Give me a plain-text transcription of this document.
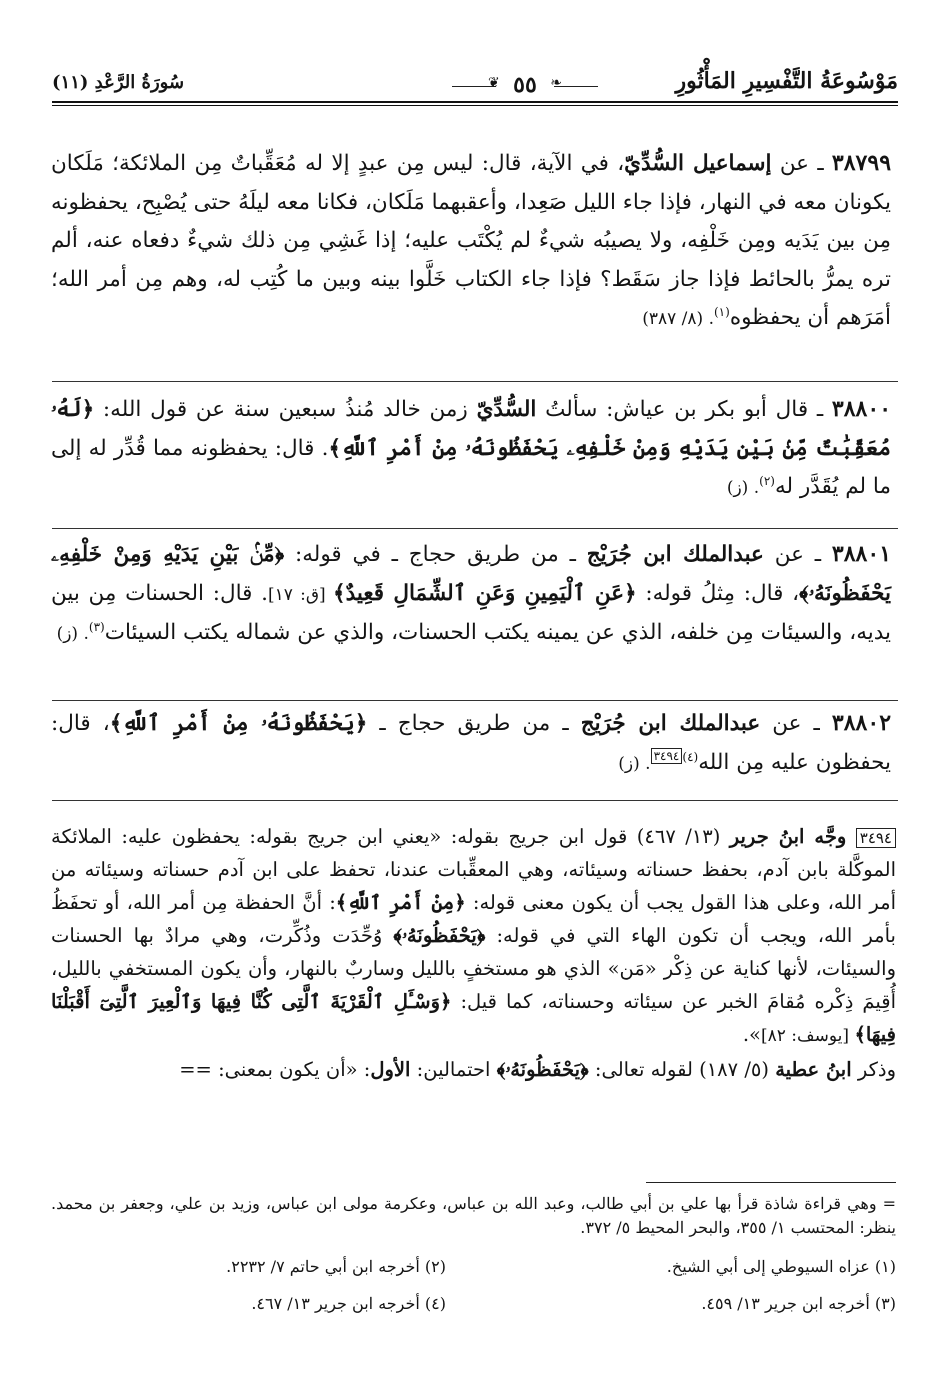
مَوْسُوعَةُ التَّفْسِيرِ المَأْثُورِ
❦ ٥٥ ❧
سُورَةُ الرَّعْدِ (١١)
٣٨٧٩٩ ـ عن إسماعيل السُّدِّيّ، في الآية، قال: ليس مِن عبدٍ إلا له مُعَقِّباتٌ مِن الملائكة؛ مَلَكان يكونان معه في النهار، فإذا جاء الليل صَعِدا، وأعقبهما مَلَكان، فكانا معه ليلَهُ حتى يُصْبِح، يحفظونه مِن بين يَدَيه ومِن خَلْفِه، ولا يصيبُه شيءٌ لم يُكْتَب عليه؛ إذا غَشِي مِن ذلك شيءٌ دفعاه عنه، ألم تره يمرُّ بالحائط فإذا جاز سَقَط؟ فإذا جاء الكتاب خَلَّوا بينه وبين ما كُتِب له، وهم مِن أمر الله؛ أمَرَهم أن يحفظوه$^{(١)}$. (٨/ ٣٨٧)
٣٨٨٠٠ ـ قال أبو بكر بن عياش: سألتُ السُّدِّيّ زمن خالد مُنذُ سبعين سنة عن قول الله: ﴿لَهُۥ مُعَقِّبَٰتٌ مِّنۢ بَيْنِ يَدَيْهِ وَمِنْ خَلْفِهِۦ يَحْفَظُونَهُۥ مِنْ أَمْرِ ٱللَّهِ﴾. قال: يحفظونه مما قُدِّر له إلى ما لم يُقَدَّر له$^{(٢)}$. (ز)
٣٨٨٠١ ـ عن عبدالملك ابن جُرَيْج ـ من طريق حجاج ـ في قوله: ﴿مِّنۢ بَيْنِ يَدَيْهِ وَمِنْ خَلْفِهِۦ يَحْفَظُونَهُۥ﴾، قال: مِثلُ قوله: ﴿عَنِ ٱلْيَمِينِ وَعَنِ ٱلشِّمَالِ قَعِيدٌ﴾ [ق: ١٧]. قال: الحسنات مِن بين يديه، والسيئات مِن خلفه، الذي عن يمينه يكتب الحسنات، والذي عن شماله يكتب السيئات$^{(٣)}$. (ز)
٣٨٨٠٢ ـ عن عبدالملك ابن جُرَيْج ـ من طريق حجاج ـ ﴿يَحْفَظُونَهُۥ مِنْ أَمْرِ ٱللَّهِ﴾، قال: يحفظون عليه مِن الله$^{(٤)}$٣٤٩٤. (ز)
٣٤٩٤ وجَّه ابنُ جرير (١٣/ ٤٦٧) قول ابن جريج بقوله: «يعني ابن جريج بقوله: يحفظون عليه: الملائكة الموكَّلة بابن آدم، بحفظ حسناته وسيئاته، وهي المعقِّبات عندنا، تحفظ على ابن آدم حسناته وسيئاته من أمر الله، وعلى هذا القول يجب أن يكون معنى قوله: ﴿مِنْ أَمْرِ ٱللَّهِ﴾: أنَّ الحفظة مِن أمر الله، أو تحفَظُ بأمر الله، ويجب أن تكون الهاء التي في قوله: ﴿يَحْفَظُونَهُۥ﴾ وُحِّدَت وذُكِّرت، وهي مرادٌ بها الحسنات والسيئات، لأنها كناية عن ذِكْر «مَن» الذي هو مستخفٍ بالليل وساربٌ بالنهار، وأن يكون المستخفي بالليل، أُقِيمَ ذِكْره مُقامَ الخبر عن سيئاته وحسناته، كما قيل: ﴿وَسْـَٔلِ ٱلْقَرْيَةَ ٱلَّتِى كُنَّا فِيهَا وَٱلْعِيرَ ٱلَّتِىٓ أَقْبَلْنَا فِيهَا﴾ [يوسف: ٨٢]».
وذكر ابنُ عطية (٥/ ١٨٧) لقوله تعالى: ﴿يَحْفَظُونَهُۥ﴾ احتمالين: الأول: «أن يكون بمعنى: ==
= وهي قراءة شاذة قرأ بها علي بن أبي طالب، وعبد الله بن عباس، وعكرمة مولى ابن عباس، وزيد بن علي، وجعفر بن محمد. ينظر: المحتسب ١/ ٣٥٥، والبحر المحيط ٥/ ٣٧٢.
(١) عزاه السيوطي إلى أبي الشيخ.
(٢) أخرجه ابن أبي حاتم ٧/ ٢٢٣٢.
(٣) أخرجه ابن جرير ١٣/ ٤٥٩.
(٤) أخرجه ابن جرير ١٣/ ٤٦٧.
